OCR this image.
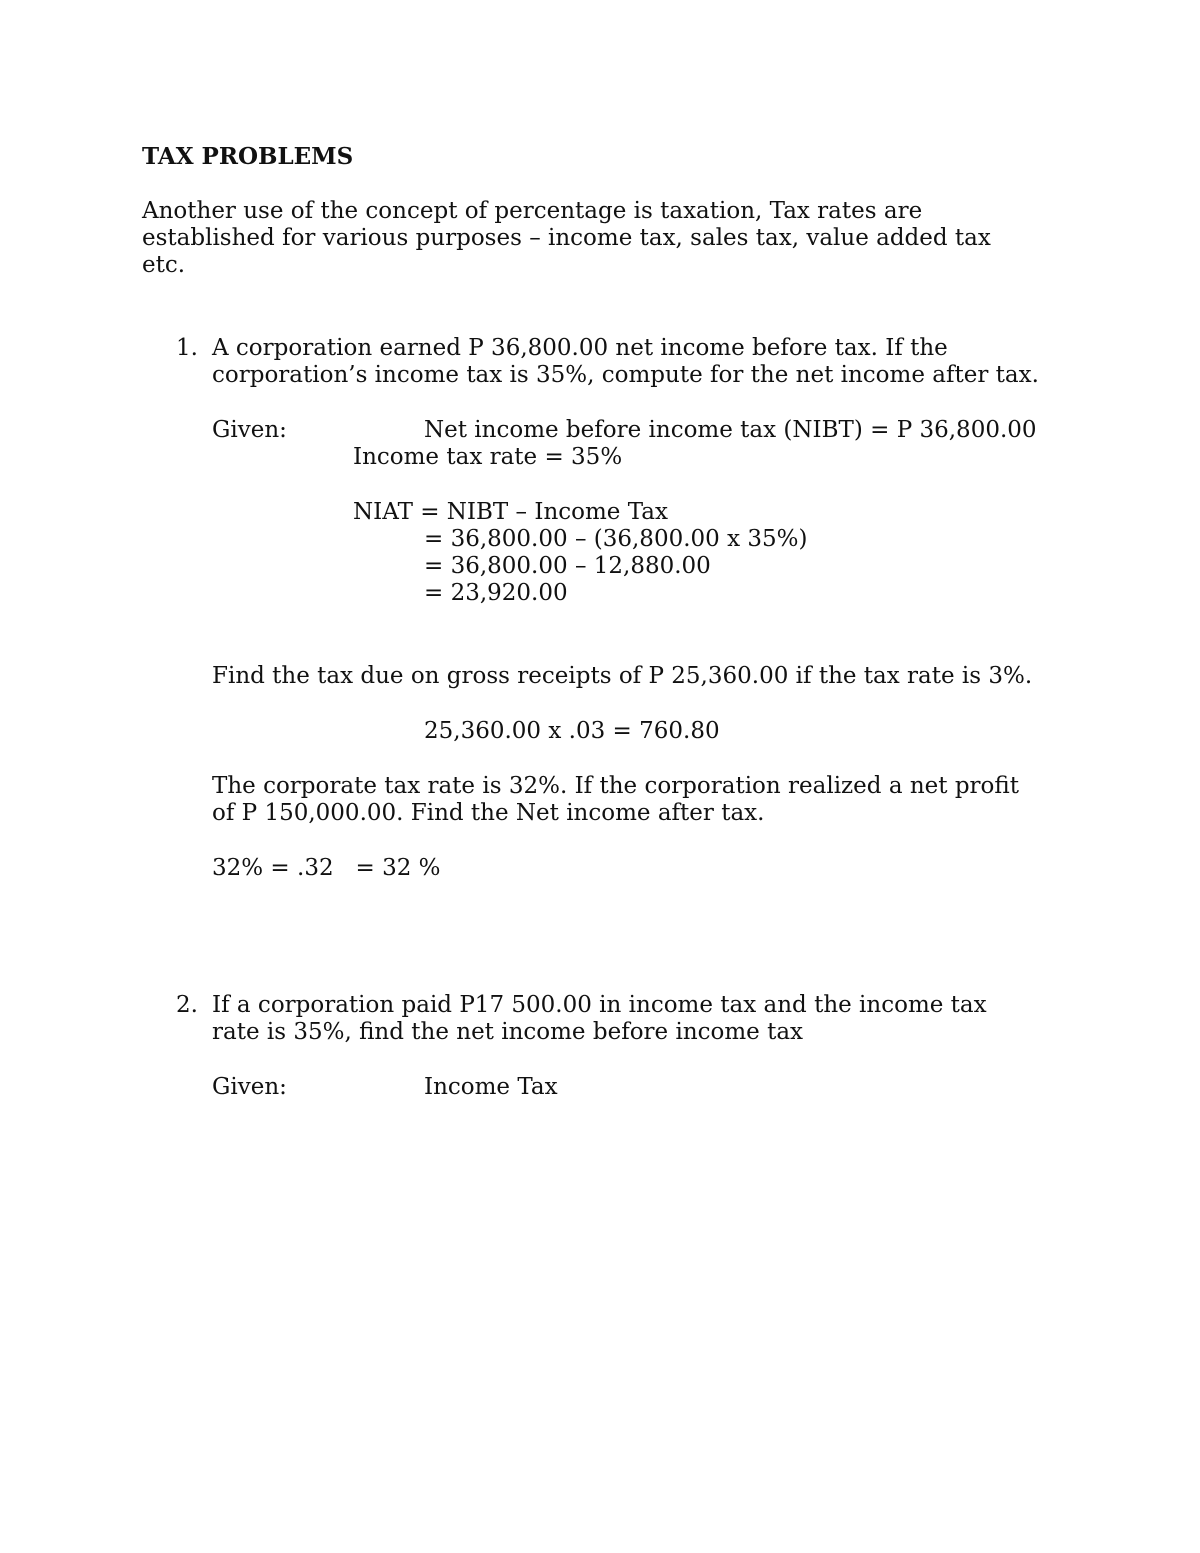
TAX PROBLEMS
Another use of the concept of percentage is taxation, Tax rates are
established for various purposes – income tax, sales tax, value added tax
etc.
1. A corporation earned P 36,800.00 net income before tax. If the
corporation’s income tax is 35%, compute for the net income after tax.
Given:	Net income before income tax (NIBT) = P 36,800.00
Income tax rate = 35%
NIAT = NIBT – Income Tax
= 36,800.00 – (36,800.00 x 35%)
= 36,800.00 – 12,880.00
= 23,920.00
Find the tax due on gross receipts of P 25,360.00 if the tax rate is 3%.
25,360.00 x .03 = 760.80
The corporate tax rate is 32%. If the corporation realized a net profit
of P 150,000.00. Find the Net income after tax.
32% = .32   = 32 %
2. If a corporation paid P17 500.00 in income tax and the income tax
rate is 35%, find the net income before income tax
Given:	Income Tax
